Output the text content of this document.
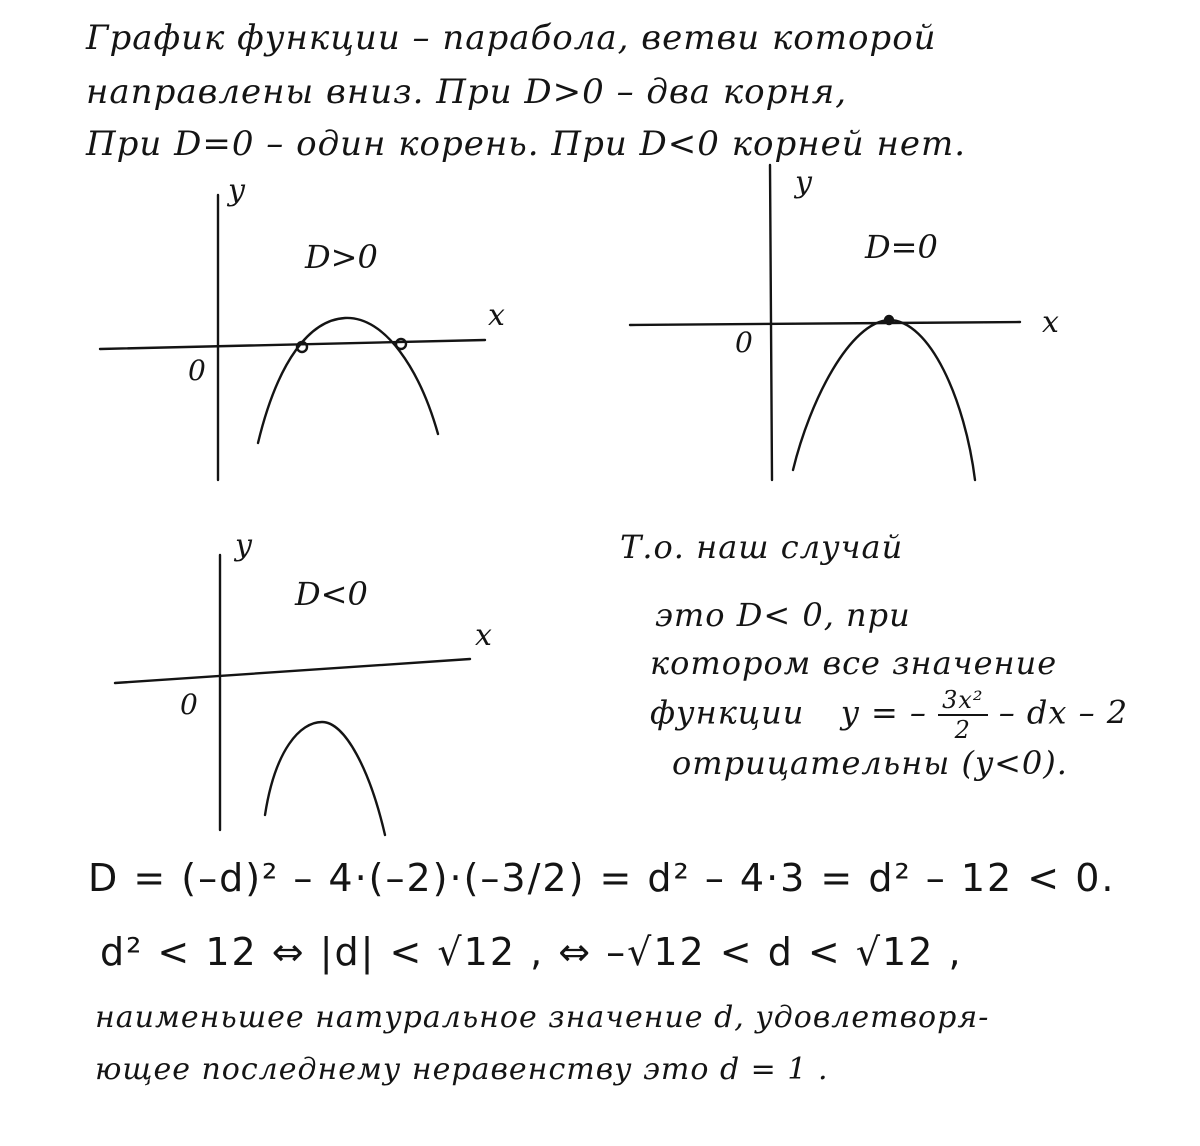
График функции – парабола, ветви которой
направлены вниз. При D>0 – два корня,
При D=0 – один корень. При D<0 корней нет.
y
D>0
x
0
y
D=0
x
0
y
D<0
x
0
Т.о. наш случай
это D< 0, при
котором все значение
функции y = – $\frac{\text{3x²}}{2}$ – dx – 2
отрицательны (y<0).
D = (–d)² – 4·(–2)·(–3/2) = d² – 4·3 = d² – 12 < 0.
d² < 12 ⇔ |d| < √12 , ⇔ –√12 < d < √12 ,
наименьшее натуральное значение d, удовлетворя-
ющее последнему неравенству это d = 1 .
